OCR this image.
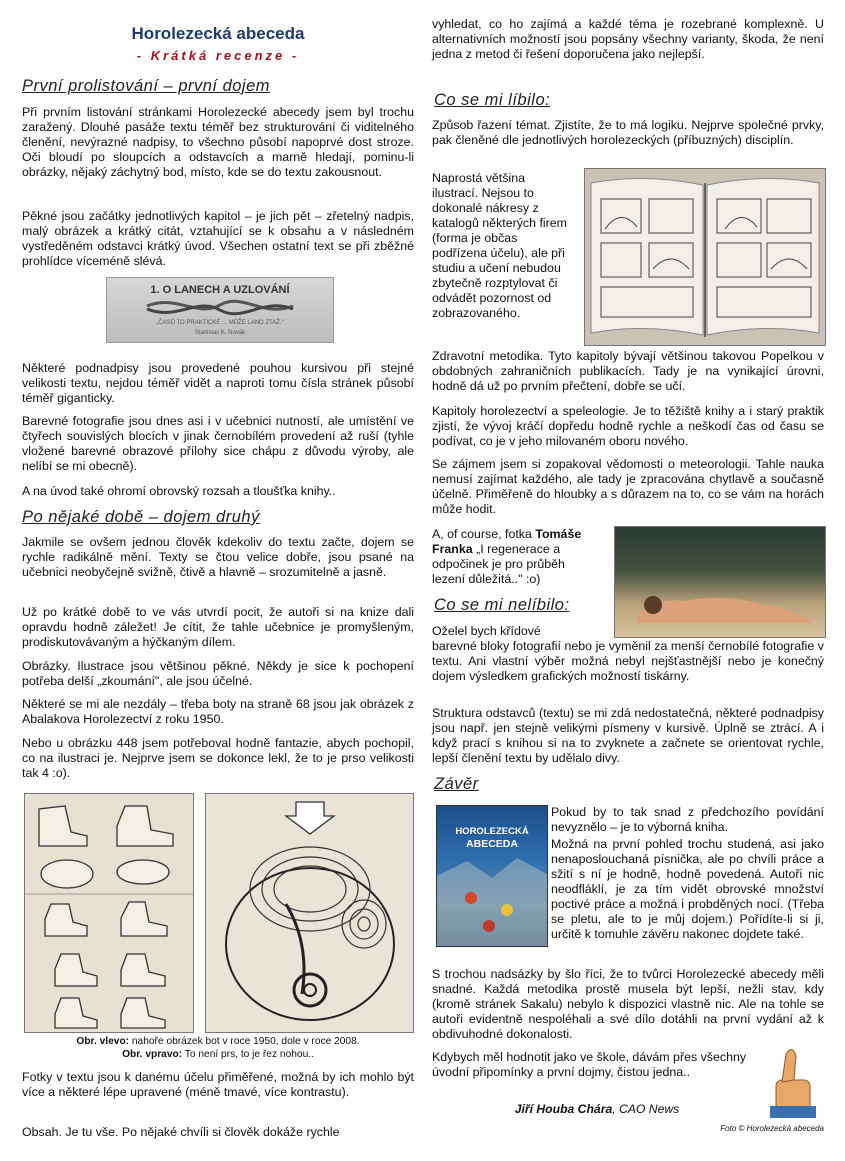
Horolezecká abeceda
- Krátká recenze -
První prolistování – první dojem

Při prvním listování stránkami Horolezecké abecedy jsem byl trochu zaražený. Dlouhé pasáže textu téměř bez strukturování či viditelného členění, nevýrazné nadpisy, to všechno působí napoprvé dost stroze. Oči bloudí po sloupcích a odstavcích a marně hledají, pominu-li obrázky, nějaký záchytný bod, místo, kde se do textu zakousnout.

Pěkné jsou začátky jednotlivých kapitol – je jich pět – zřetelný nadpis, malý obrázek a krátký citát, vztahující se k obsahu a v následném vystředěném odstavci krátký úvod. Všechen ostatní text se při zběžné prohlídce víceméně slévá.

1. O LANECH A UZLOVÁNÍ
„ČASŮ TO PRAKTICKÉ ... MŮŽE LANO ZTAŽ."
Stanislav K. Novák

Některé podnadpisy jsou provedené pouhou kursivou při stejné velikosti textu, nejdou téměř vidět a naproti tomu čísla stránek působí téměř giganticky.

Barevné fotografie jsou dnes asi i v učebnici nutností, ale umístění ve čtyřech souvislých blocích v jinak černobílém provedení až ruší (tyhle vložené barevné obrazové přílohy sice chápu z důvodu výroby, ale nelíbí se mi obecně).

A na úvod také ohromí obrovský rozsah a tloušťka knihy..

Po nějaké době – dojem druhý

Jakmile se ovšem jednou člověk kdekoliv do textu začte, dojem se rychle radikálně mění. Texty se čtou velice dobře, jsou psané na učebnici neobyčejně svižně, čtivě a hlavně – srozumitelně a jasně.

Už po krátké době to ve vás utvrdí pocit, že autoři si na knize dali opravdu hodně záležet! Je cítit, že tahle učebnice je promyšleným, prodiskutovávaným a hýčkaným dílem.

Obrázky. Ilustrace jsou většinou pěkné. Někdy je sice k pochopení potřeba delší „zkoumání", ale jsou účelné.

Některé se mi ale nezdály – třeba boty na straně 68 jsou jak obrázek z Abalakova Horolezectví z roku 1950.

Nebo u obrázku 448 jsem potřeboval hodně fantazie, abych pochopil, co na ilustraci je. Nejprve jsem se dokonce lekl, že to je prso velikosti tak 4 :o).

Obr. vlevo: nahoře obrázek bot v roce 1950, dole v roce 2008.
Obr. vpravo: To není prs, to je řez nohou..

Fotky v textu jsou k danému účelu přiměřené, možná by ich mohlo být více a některé lépe upravené (méně tmavé, více kontrastu).

Obsah. Je tu vše. Po nějaké chvíli si člověk dokáže rychle

vyhledat, co ho zajímá a každé téma je rozebrané komplexně. U alternativních možností jsou popsány všechny varianty, škoda, že není jedna z metod či řešení doporučena jako nejlepší.

Co se mi líbilo:

Způsob řazení témat. Zjistíte, že to má logiku. Nejprve společné prvky, pak členěné dle jednotlivých horolezeckých (příbuzných) disciplín.

Naprostá většina ilustrací. Nejsou to dokonalé nákresy z katalogů některých firem (forma je občas podřízena účelu), ale při studiu a učení nebudou zbytečně rozptylovat či odvádět pozornost od zobrazovaného.

Zdravotní metodika. Tyto kapitoly bývají většinou takovou Popelkou v obdobných zahraničních publikacích. Tady je na vynikající úrovni, hodně dá už po prvním přečtení, dobře se učí.

Kapitoly horolezectví a speleologie. Je to těžiště knihy a i starý praktik zjistí, že vývoj kráčí dopředu hodně rychle a neškodí čas od času se podívat, co je v jeho milovaném oboru nového.

Se zájmem jsem si zopakoval vědomosti o meteorologii. Tahle nauka nemusí zajímat každého, ale tady je zpracována chytlavě a současně účelně. Přiměřeně do hloubky a s důrazem na to, co se vám na horách může hodit.

A, of course, fotka Tomáše Franka „I regenerace a odpočinek je pro průběh lezení důležitá.." :o)

Co se mi nelíbilo:

Oželel bych křídové

barevné bloky fotografií nebo je vyměnil za menší černobílé fotografie v textu. Ani vlastní výběr možná nebyl nejšťastnější nebo je konečný dojem výsledkem grafických možností tiskárny.

Struktura odstavců (textu) se mi zdá nedostatečná, některé podnadpisy jsou např. jen stejně velikými písmeny v kursivě. Úplně se ztrácí. A i když prací s knihou si na to zvyknete a začnete se orientovat rychle, lepší členění textu by udělalo divy.

Závěr
HOROLEZECKÁ
ABECEDA

Pokud by to tak snad z předchozího povídání nevyznělo – je to výborná kniha.

Možná na první pohled trochu studená, asi jako nenaposlouchaná písnička, ale po chvíli práce a sžití s ní je hodně, hodně povedená. Autoři nic neodfláklí, je za tím vidět obrovské množství poctivé práce a možná i probděných nocí. (Třeba se pletu, ale to je můj dojem.) Pořídíte-li si ji, určitě k tomuhle závěru nakonec dojdete také.

S trochou nadsázky by šlo říci, že to tvůrci Horolezecké abecedy měli snadné. Každá metodika prostě musela být lepší, nežli stav, kdy (kromě stránek Sakalu) nebylo k dispozici vlastně nic. Ale na tohle se autoři evidentně nespoléhali a své dílo dotáhli na první vydání až k obdivuhodné dokonalosti.

Kdybych měl hodnotit jako ve škole, dávám přes všechny úvodní připomínky a první dojmy, čistou jedna..

Jiří Houba Chára, CAO News
Foto © Horolezecká abeceda
